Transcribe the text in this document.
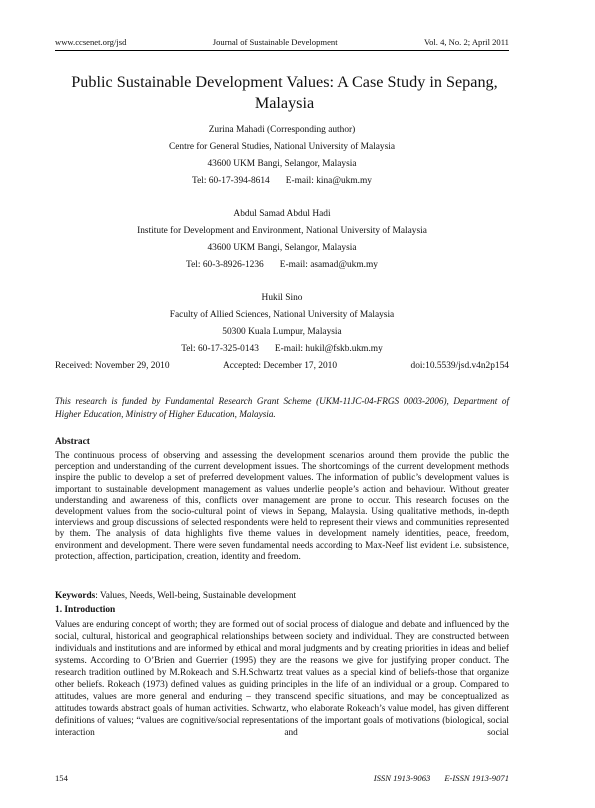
www.ccsenet.org/jsd	Journal of Sustainable Development	Vol. 4, No. 2; April 2011
Public Sustainable Development Values: A Case Study in Sepang,
Malaysia
Zurina Mahadi (Corresponding author)
Centre for General Studies, National University of Malaysia
43600 UKM Bangi, Selangor, Malaysia
Tel: 60-17-394-8614 E-mail: kina@ukm.my
Abdul Samad Abdul Hadi
Institute for Development and Environment, National University of Malaysia
43600 UKM Bangi, Selangor, Malaysia
Tel: 60-3-8926-1236 E-mail: asamad@ukm.my
Hukil Sino
Faculty of Allied Sciences, National University of Malaysia
50300 Kuala Lumpur, Malaysia
Tel: 60-17-325-0143 E-mail: hukil@fskb.ukm.my
Received: November 29, 2010	Accepted: December 17, 2010	doi:10.5539/jsd.v4n2p154
This research is funded by Fundamental Research Grant Scheme (UKM-11JC-04-FRGS 0003-2006), Department of Higher Education, Ministry of Higher Education, Malaysia.
Abstract
The continuous process of observing and assessing the development scenarios around them provide the public the perception and understanding of the current development issues. The shortcomings of the current development methods inspire the public to develop a set of preferred development values. The information of public’s development values is important to sustainable development management as values underlie people’s action and behaviour. Without greater understanding and awareness of this, conflicts over management are prone to occur. This research focuses on the development values from the socio-cultural point of views in Sepang, Malaysia. Using qualitative methods, in-depth interviews and group discussions of selected respondents were held to represent their views and communities represented by them. The analysis of data highlights five theme values in development namely identities, peace, freedom, environment and development. There were seven fundamental needs according to Max-Neef list evident i.e. subsistence, protection, affection, participation, creation, identity and freedom.
Keywords: Values, Needs, Well-being, Sustainable development
1. Introduction
Values are enduring concept of worth; they are formed out of social process of dialogue and debate and influenced by the social, cultural, historical and geographical relationships between society and individual. They are constructed between individuals and institutions and are informed by ethical and moral judgments and by creating priorities in ideas and belief systems. According to O’Brien and Guerrier (1995) they are the reasons we give for justifying proper conduct. The research tradition outlined by M.Rokeach and S.H.Schwartz treat values as a special kind of beliefs-those that organize other beliefs. Rokeach (1973) defined values as guiding principles in the life of an individual or a group. Compared to attitudes, values are more general and enduring – they transcend specific situations, and may be conceptualized as attitudes towards abstract goals of human activities. Schwartz, who elaborate Rokeach’s value model, has given different definitions of values; “values are cognitive/social representations of the important goals of motivations (biological, social interaction and social
154	ISSN 1913-9063 E-ISSN 1913-9071
